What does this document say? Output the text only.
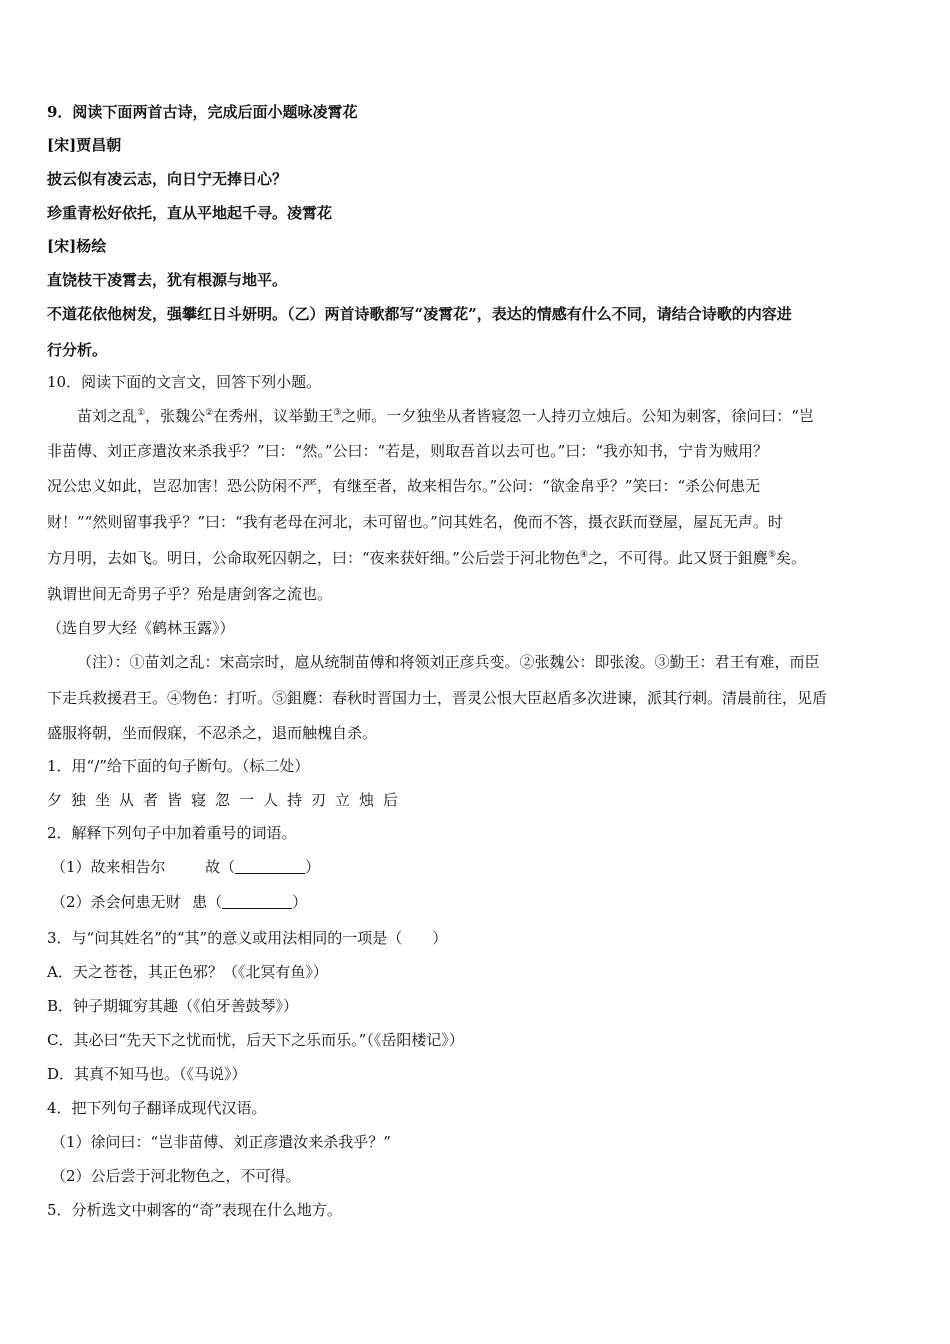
9．阅读下面两首古诗，完成后面小题咏凌霄花
[宋]贾昌朝
披云似有凌云志，向日宁无捧日心？
珍重青松好依托，直从平地起千寻。凌霄花
[宋]杨绘
直饶枝干凌霄去，犹有根源与地平。
不道花依他树发，强攀红日斗妍明。（乙）两首诗歌都写“凌霄花”，表达的情感有什么不同，请结合诗歌的内容进
行分析。
10．阅读下面的文言文，回答下列小题。
苗刘之乱①，张魏公②在秀州，议举勤王③之师。一夕独坐从者皆寝忽一人持刃立烛后。公知为刺客，徐问曰：“岂
非苗傅、刘正彦遣汝来杀我乎？”曰：“然。”公曰：“若是，则取吾首以去可也。”曰：“我亦知书，宁肯为贼用？
况公忠义如此，岂忍加害！恐公防闲不严，有继至者，故来相告尔。”公问：“欲金帛乎？”笑曰：“杀公何患无
财！”“然则留事我乎？”曰：“我有老母在河北，未可留也。”问其姓名，俛而不答，摄衣跃而登屋，屋瓦无声。时
方月明，去如飞。明日，公命取死囚朝之，曰：“夜来获奸细。”公后尝于河北物色④之，不可得。此又贤于鉏麑⑤矣。
孰谓世间无奇男子乎？殆是唐剑客之流也。
（选自罗大经《鹤林玉露》）
（注）：①苗刘之乱：宋高宗时，扈从统制苗傅和将领刘正彦兵变。②张魏公：即张浚。③勤王：君王有难，而臣
下走兵救援君王。④物色：打听。⑤鉏麑：春秋时晋国力士，晋灵公恨大臣赵盾多次进谏，派其行刺。清晨前往，见盾
盛服将朝，坐而假寐，不忍杀之，退而触槐自杀。
1．用“/”给下面的句子断句。（标二处）
夕独坐从者皆寝忽一人持刃立烛后
2．解释下列句子中加着重号的词语。
（1）故来相告尔	故（	）
（2）杀会何患无财 患（	）
3．与“问其姓名”的“其”的意义或用法相同的一项是（　　）
A．天之苍苍，其正色邪？（《北冥有鱼》）
B．钟子期辄穷其趣（《伯牙善鼓琴》）
C．其必曰“先天下之忧而忧，后天下之乐而乐。”（《岳阳楼记》）
D．其真不知马也。（《马说》）
4．把下列句子翻译成现代汉语。
（1）徐问曰：“岂非苗傅、刘正彦遣汝来杀我乎？”
（2）公后尝于河北物色之，不可得。
5．分析选文中刺客的“奇”表现在什么地方。
